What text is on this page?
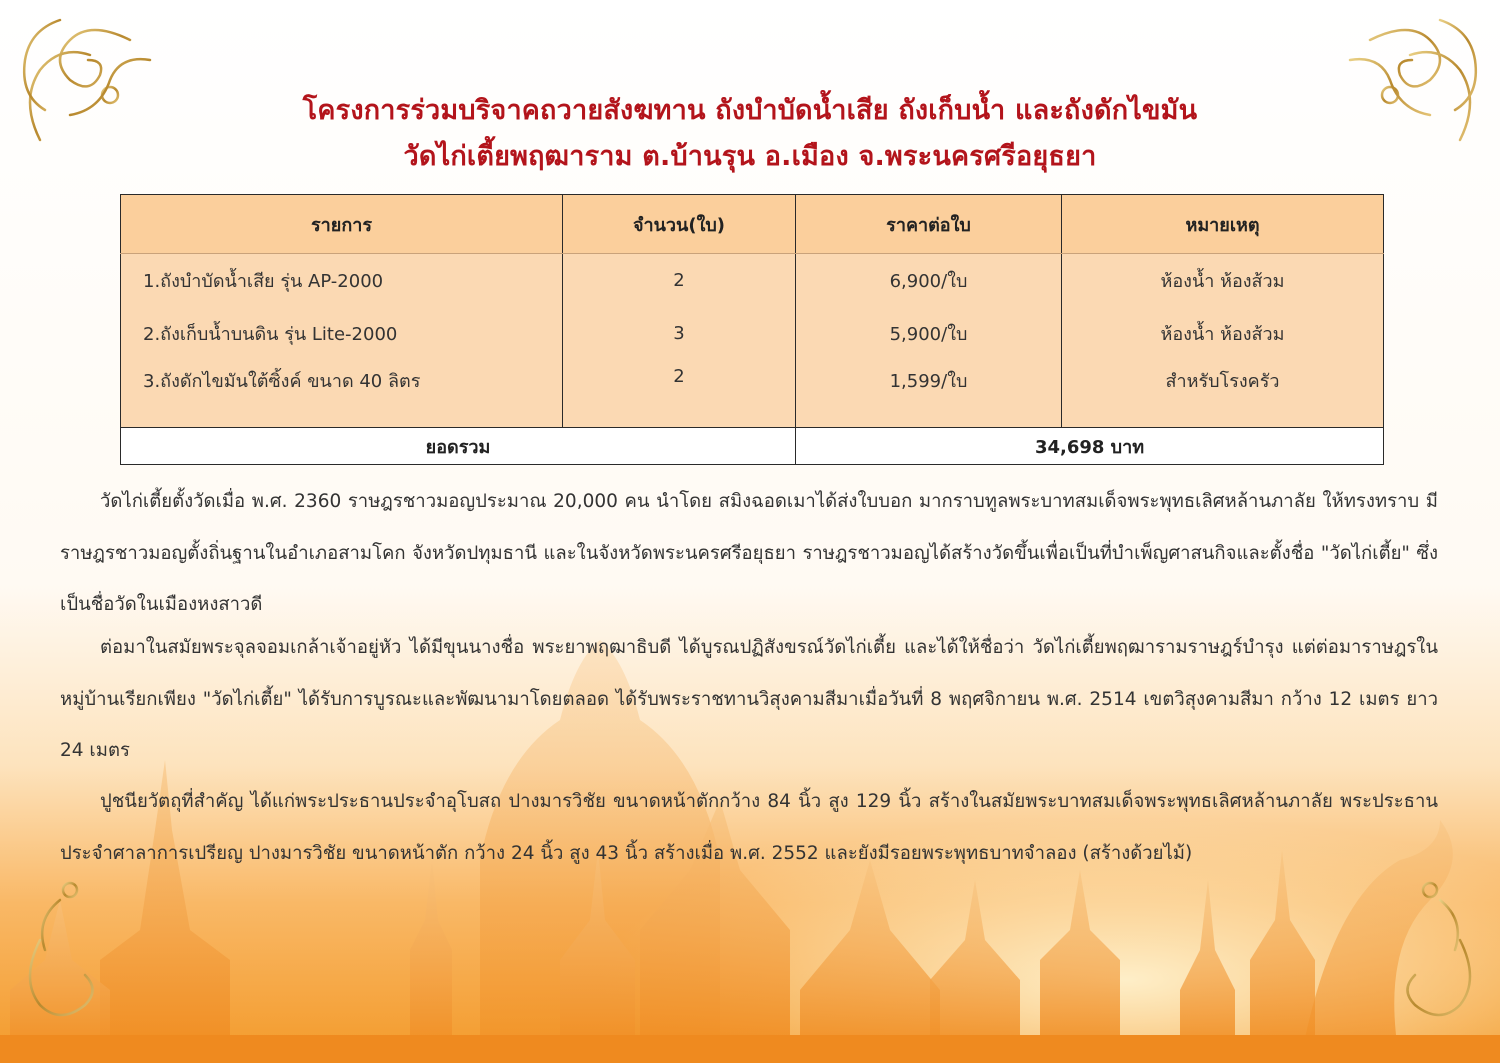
โครงการร่วมบริจาคถวายสังฆทาน ถังบำบัดน้ำเสีย ถังเก็บน้ำ และถังดักไขมัน
วัดไก่เตี้ยพฤฒาราม ต.บ้านรุน อ.เมือง จ.พระนครศรีอยุธยา
รายการ	จำนวน(ใบ)	ราคาต่อใบ	หมายเหตุ
1.ถังบำบัดน้ำเสีย รุ่น AP-2000	2	6,900/ใบ	ห้องน้ำ ห้องส้วม
2.ถังเก็บน้ำบนดิน รุ่น Lite-2000	3	5,900/ใบ	ห้องน้ำ ห้องส้วม
3.ถังดักไขมันใต้ซิ้งค์ ขนาด 40 ลิตร	2	1,599/ใบ	สำหรับโรงครัว
ยอดรวม		34,698 บาท	

วัดไก่เตี้ยตั้งวัดเมื่อ พ.ศ. 2360 ราษฎรชาวมอญประมาณ 20,000 คน นำโดย สมิงฉอดเมาได้ส่งใบบอก มากราบทูลพระบาทสมเด็จพระพุทธเลิศหล้านภาลัย ให้ทรงทราบ มีราษฎรชาวมอญตั้งถิ่นฐานในอำเภอสามโคก จังหวัดปทุมธานี และในจังหวัดพระนครศรีอยุธยา ราษฎรชาวมอญได้สร้างวัดขึ้นเพื่อเป็นที่บำเพ็ญศาสนกิจและตั้งชื่อ "วัดไก่เตี้ย" ซึ่งเป็นชื่อวัดในเมืองหงสาวดี

ต่อมาในสมัยพระจุลจอมเกล้าเจ้าอยู่หัว ได้มีขุนนางชื่อ พระยาพฤฒาธิบดี ได้บูรณปฏิสังขรณ์วัดไก่เตี้ย และได้ให้ชื่อว่า วัดไก่เตี้ยพฤฒารามราษฎร์บำรุง แต่ต่อมาราษฎรในหมู่บ้านเรียกเพียง "วัดไก่เตี้ย" ได้รับการบูรณะและพัฒนามาโดยตลอด ได้รับพระราชทานวิสุงคามสีมาเมื่อวันที่ 8 พฤศจิกายน พ.ศ. 2514 เขตวิสุงคามสีมา กว้าง 12 เมตร ยาว 24 เมตร

ปูชนียวัตถุที่สำคัญ ได้แก่พระประธานประจำอุโบสถ ปางมารวิชัย ขนาดหน้าตักกว้าง 84 นิ้ว สูง 129 นิ้ว สร้างในสมัยพระบาทสมเด็จพระพุทธเลิศหล้านภาลัย พระประธานประจำศาลาการเปรียญ ปางมารวิชัย ขนาดหน้าตัก กว้าง 24 นิ้ว สูง 43 นิ้ว สร้างเมื่อ พ.ศ. 2552 และยังมีรอยพระพุทธบาทจำลอง (สร้างด้วยไม้)
